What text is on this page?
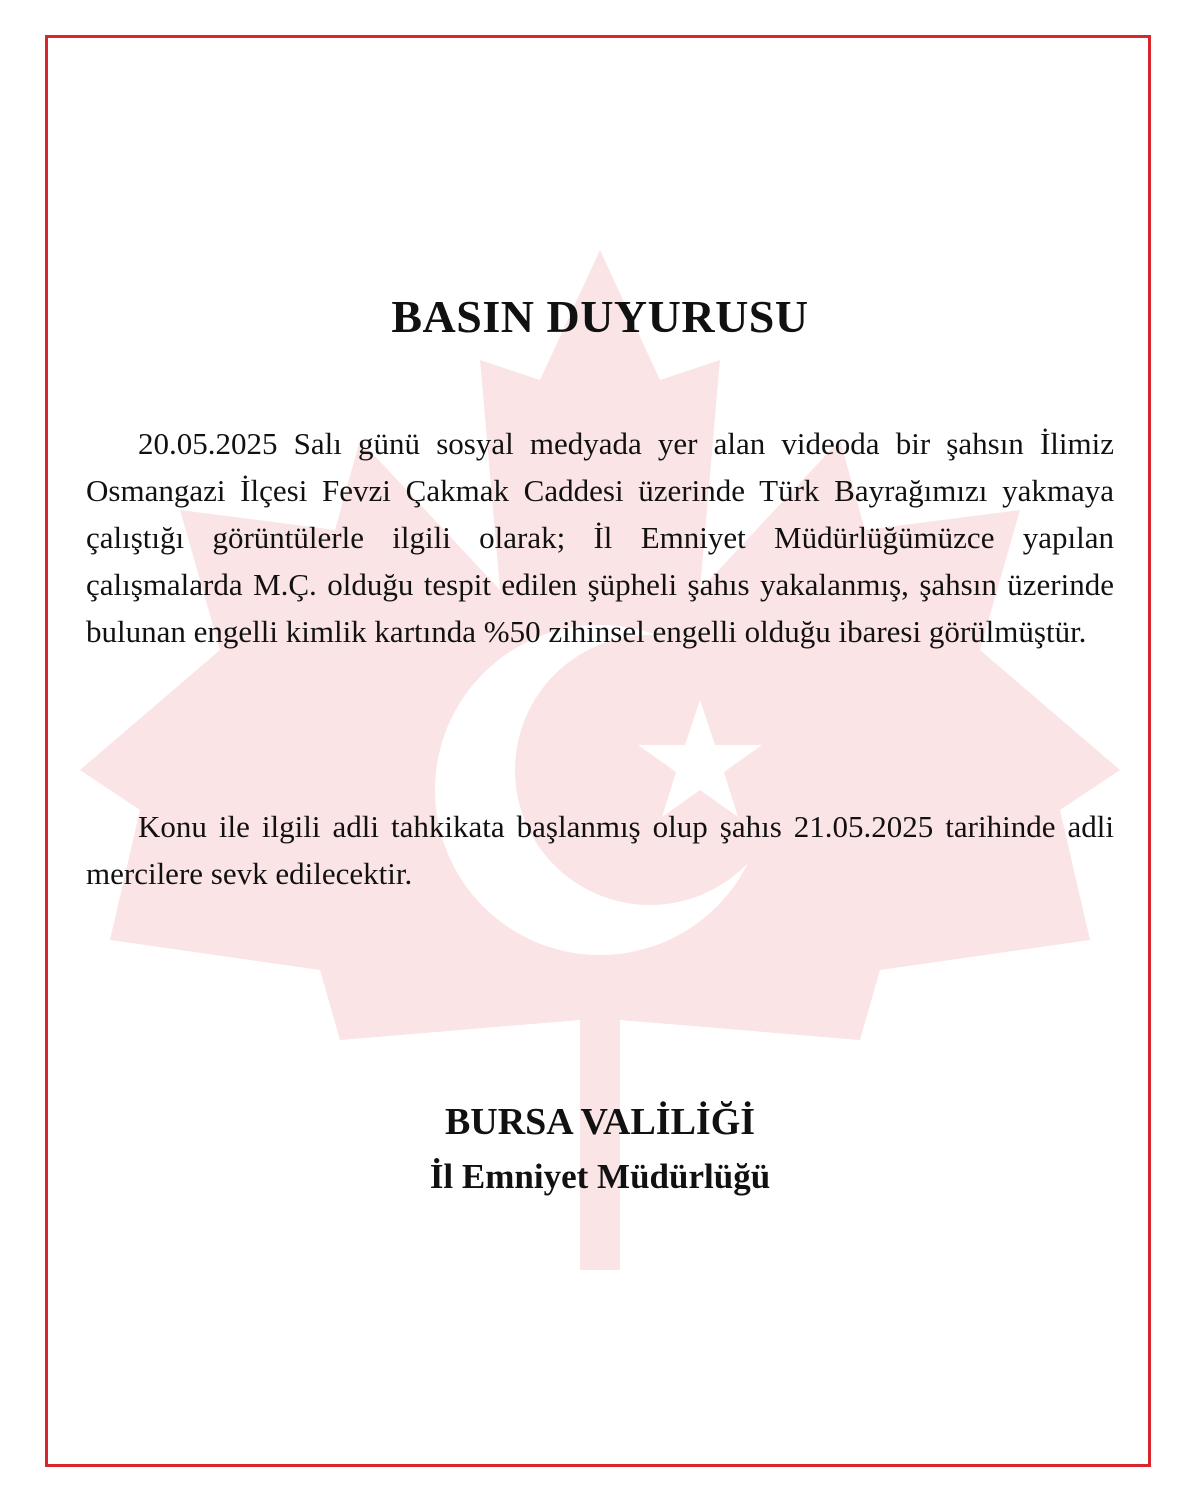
BASIN DUYURUSU

20.05.2025 Salı günü sosyal medyada yer alan videoda bir şahsın İlimiz Osmangazi İlçesi Fevzi Çakmak Caddesi üzerinde Türk Bayrağımızı yakmaya çalıştığı görüntülerle ilgili olarak; İl Emniyet Müdürlüğümüzce yapılan çalışmalarda M.Ç. olduğu tespit edilen şüpheli şahıs yakalanmış, şahsın üzerinde bulunan engelli kimlik kartında %50 zihinsel engelli olduğu ibaresi görülmüştür.

Konu ile ilgili adli tahkikata başlanmış olup şahıs 21.05.2025 tarihinde adli mercilere sevk edilecektir.

BURSA VALİLİĞİ

İl Emniyet Müdürlüğü
